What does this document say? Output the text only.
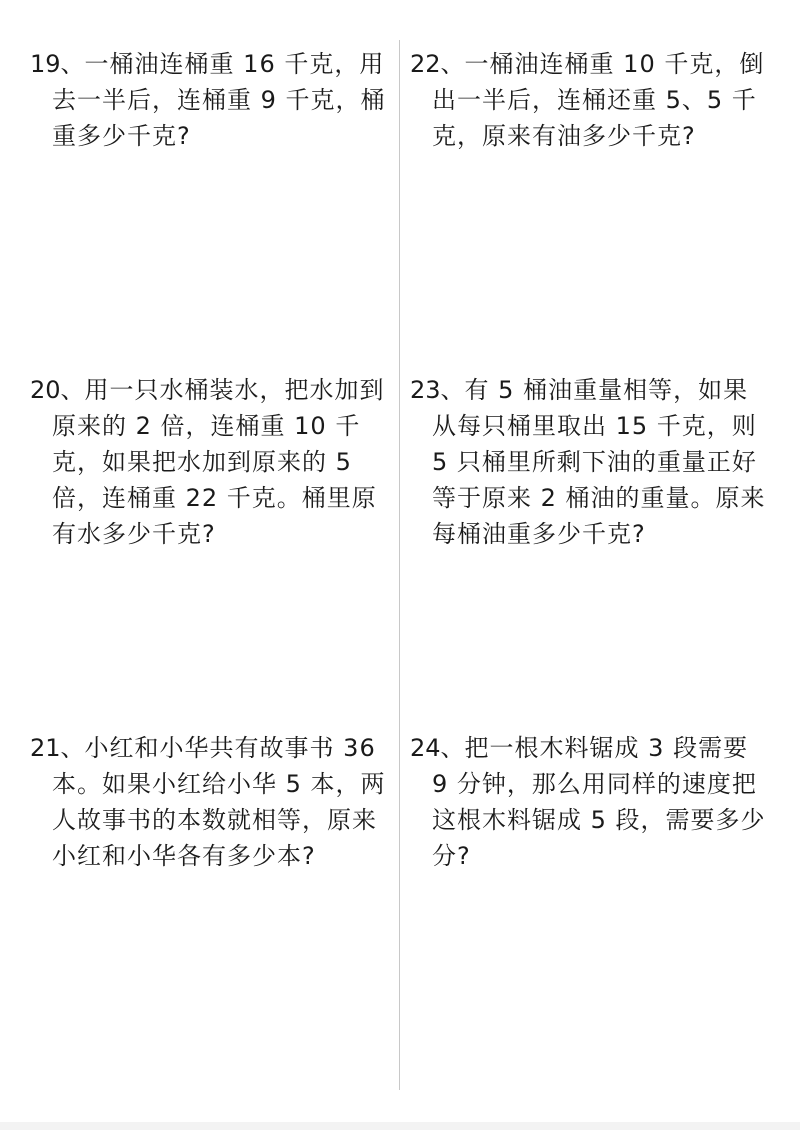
19、一桶油连桶重 16 千克，用去一半后，连桶重 9 千克，桶重多少千克?
20、用一只水桶装水，把水加到原来的 2 倍，连桶重 10 千克，如果把水加到原来的 5 倍，连桶重 22 千克。桶里原有水多少千克?
21、小红和小华共有故事书 36 本。如果小红给小华 5 本，两人故事书的本数就相等，原来小红和小华各有多少本?
22、一桶油连桶重 10 千克，倒出一半后，连桶还重 5、5 千克，原来有油多少千克?
23、有 5 桶油重量相等，如果从每只桶里取出 15 千克，则 5 只桶里所剩下油的重量正好等于原来 2 桶油的重量。原来每桶油重多少千克?
24、把一根木料锯成 3 段需要 9 分钟，那么用同样的速度把这根木料锯成 5 段，需要多少分?
